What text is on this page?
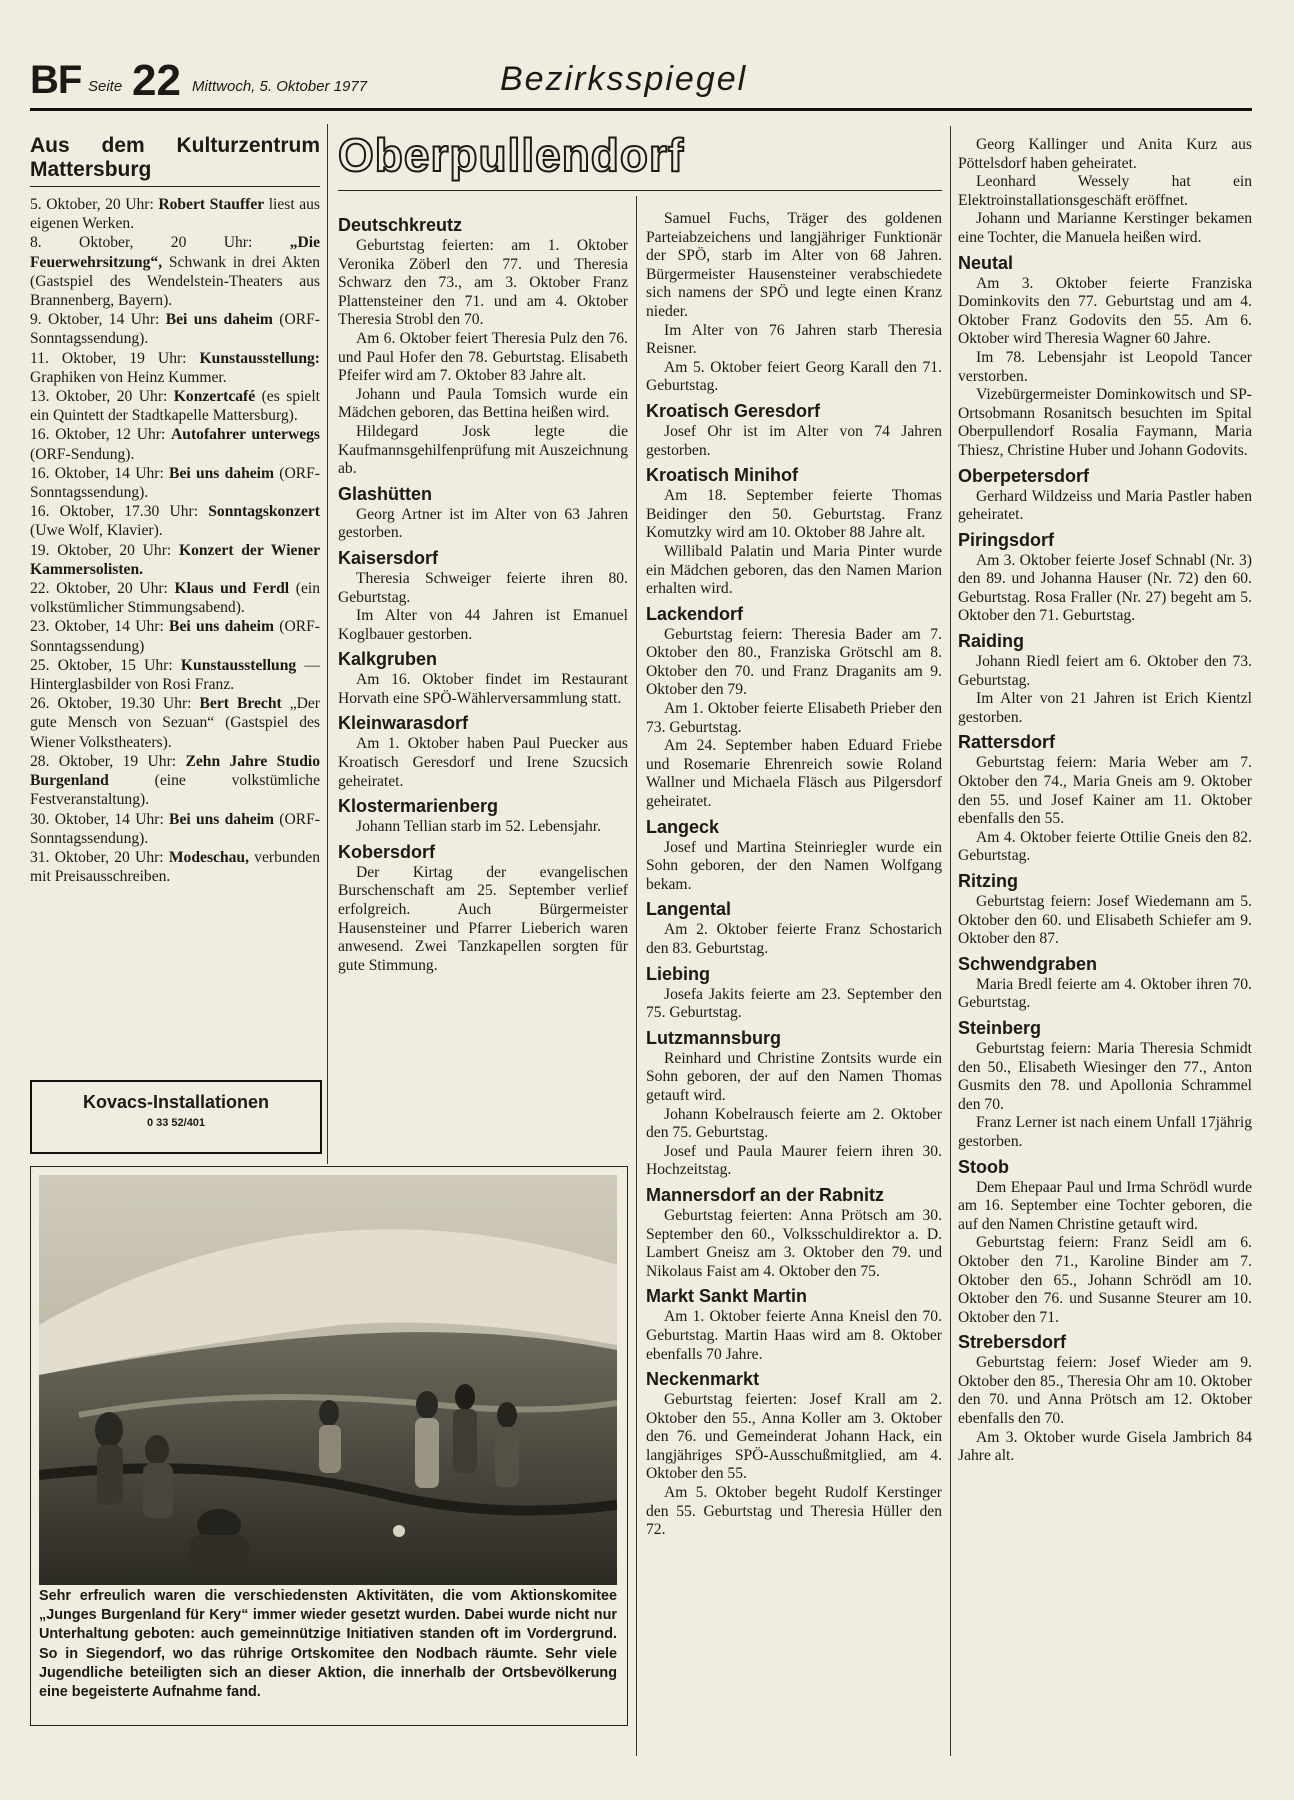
BF Seite 22 Mittwoch, 5. Oktober 1977	Bezirksspiegel
Aus dem Kulturzentrum Mattersburg

5. Oktober, 20 Uhr: Robert Stauffer liest aus eigenen Werken.

8. Oktober, 20 Uhr: „Die Feuerwehrsitzung“, Schwank in drei Akten (Gastspiel des Wendelstein-Theaters aus Brannenberg, Bayern).

9. Oktober, 14 Uhr: Bei uns daheim (ORF-Sonntagssendung).

11. Oktober, 19 Uhr: Kunstausstellung: Graphiken von Heinz Kummer.

13. Oktober, 20 Uhr: Konzertcafé (es spielt ein Quintett der Stadtkapelle Mattersburg).

16. Oktober, 12 Uhr: Autofahrer unterwegs (ORF-Sendung).

16. Oktober, 14 Uhr: Bei uns daheim (ORF-Sonntagssendung).

16. Oktober, 17.30 Uhr: Sonntagskonzert (Uwe Wolf, Klavier).

19. Oktober, 20 Uhr: Konzert der Wiener Kammersolisten.

22. Oktober, 20 Uhr: Klaus und Ferdl (ein volkstümlicher Stimmungsabend).

23. Oktober, 14 Uhr: Bei uns daheim (ORF-Sonntagssendung)

25. Oktober, 15 Uhr: Kunstausstellung — Hinterglasbilder von Rosi Franz.

26. Oktober, 19.30 Uhr: Bert Brecht „Der gute Mensch von Sezuan“ (Gastspiel des Wiener Volkstheaters).

28. Oktober, 19 Uhr: Zehn Jahre Studio Burgenland (eine volkstümliche Festveranstaltung).

30. Oktober, 14 Uhr: Bei uns daheim (ORF-Sonntagssendung).

31. Oktober, 20 Uhr: Modeschau, verbunden mit Preisausschreiben.

Kovacs-Installationen
0 33 52/401
Oberpullendorf
Deutschkreutz

Geburtstag feierten: am 1. Oktober Veronika Zöberl den 77. und Theresia Schwarz den 73., am 3. Oktober Franz Plattensteiner den 71. und am 4. Oktober Theresia Strobl den 70.

Am 6. Oktober feiert Theresia Pulz den 76. und Paul Hofer den 78. Geburtstag. Elisabeth Pfeifer wird am 7. Oktober 83 Jahre alt.

Johann und Paula Tomsich wurde ein Mädchen geboren, das Bettina heißen wird.

Hildegard Josk legte die Kaufmannsgehilfenprüfung mit Auszeichnung ab.

Glashütten

Georg Artner ist im Alter von 63 Jahren gestorben.

Kaisersdorf

Theresia Schweiger feierte ihren 80. Geburtstag.

Im Alter von 44 Jahren ist Emanuel Koglbauer gestorben.

Kalkgruben

Am 16. Oktober findet im Restaurant Horvath eine SPÖ-Wählerversammlung statt.

Kleinwarasdorf

Am 1. Oktober haben Paul Puecker aus Kroatisch Geresdorf und Irene Szucsich geheiratet.

Klostermarienberg

Johann Tellian starb im 52. Lebensjahr.

Kobersdorf

Der Kirtag der evangelischen Burschenschaft am 25. September verlief erfolgreich. Auch Bürgermeister Hausensteiner und Pfarrer Lieberich waren anwesend. Zwei Tanzkapellen sorgten für gute Stimmung.

Samuel Fuchs, Träger des goldenen Parteiabzeichens und langjähriger Funktionär der SPÖ, starb im Alter von 68 Jahren. Bürgermeister Hausensteiner verabschiedete sich namens der SPÖ und legte einen Kranz nieder.

Im Alter von 76 Jahren starb Theresia Reisner.

Am 5. Oktober feiert Georg Karall den 71. Geburtstag.

Kroatisch Geresdorf

Josef Ohr ist im Alter von 74 Jahren gestorben.

Kroatisch Minihof

Am 18. September feierte Thomas Beidinger den 50. Geburtstag. Franz Komutzky wird am 10. Oktober 88 Jahre alt.

Willibald Palatin und Maria Pinter wurde ein Mädchen geboren, das den Namen Marion erhalten wird.

Lackendorf

Geburtstag feiern: Theresia Bader am 7. Oktober den 80., Franziska Grötschl am 8. Oktober den 70. und Franz Draganits am 9. Oktober den 79.

Am 1. Oktober feierte Elisabeth Prieber den 73. Geburtstag.

Am 24. September haben Eduard Friebe und Rosemarie Ehrenreich sowie Roland Wallner und Michaela Fläsch aus Pilgersdorf geheiratet.

Langeck

Josef und Martina Steinriegler wurde ein Sohn geboren, der den Namen Wolfgang bekam.

Langental

Am 2. Oktober feierte Franz Schostarich den 83. Geburtstag.

Liebing

Josefa Jakits feierte am 23. September den 75. Geburtstag.

Lutzmannsburg

Reinhard und Christine Zontsits wurde ein Sohn geboren, der auf den Namen Thomas getauft wird.

Johann Kobelrausch feierte am 2. Oktober den 75. Geburtstag.

Josef und Paula Maurer feiern ihren 30. Hochzeitstag.

Mannersdorf an der Rabnitz

Geburtstag feierten: Anna Prötsch am 30. September den 60., Volksschuldirektor a. D. Lambert Gneisz am 3. Oktober den 79. und Nikolaus Faist am 4. Oktober den 75.

Markt Sankt Martin

Am 1. Oktober feierte Anna Kneisl den 70. Geburtstag. Martin Haas wird am 8. Oktober ebenfalls 70 Jahre.

Neckenmarkt

Geburtstag feierten: Josef Krall am 2. Oktober den 55., Anna Koller am 3. Oktober den 76. und Gemeinderat Johann Hack, ein langjähriges SPÖ-Ausschußmitglied, am 4. Oktober den 55.

Am 5. Oktober begeht Rudolf Kerstinger den 55. Geburtstag und Theresia Hüller den 72.

Georg Kallinger und Anita Kurz aus Pöttelsdorf haben geheiratet.

Leonhard Wessely hat ein Elektroinstallationsgeschäft eröffnet.

Johann und Marianne Kerstinger bekamen eine Tochter, die Manuela heißen wird.

Neutal

Am 3. Oktober feierte Franziska Dominkovits den 77. Geburtstag und am 4. Oktober Franz Godovits den 55. Am 6. Oktober wird Theresia Wagner 60 Jahre.

Im 78. Lebensjahr ist Leopold Tancer verstorben.

Vizebürgermeister Dominkowitsch und SP-Ortsobmann Rosanitsch besuchten im Spital Oberpullendorf Rosalia Faymann, Maria Thiesz, Christine Huber und Johann Godovits.

Oberpetersdorf

Gerhard Wildzeiss und Maria Pastler haben geheiratet.

Piringsdorf

Am 3. Oktober feierte Josef Schnabl (Nr. 3) den 89. und Johanna Hauser (Nr. 72) den 60. Geburtstag. Rosa Fraller (Nr. 27) begeht am 5. Oktober den 71. Geburtstag.

Raiding

Johann Riedl feiert am 6. Oktober den 73. Geburtstag.

Im Alter von 21 Jahren ist Erich Kientzl gestorben.

Rattersdorf

Geburtstag feiern: Maria Weber am 7. Oktober den 74., Maria Gneis am 9. Oktober den 55. und Josef Kainer am 11. Oktober ebenfalls den 55.

Am 4. Oktober feierte Ottilie Gneis den 82. Geburtstag.

Ritzing

Geburtstag feiern: Josef Wiedemann am 5. Oktober den 60. und Elisabeth Schiefer am 9. Oktober den 87.

Schwendgraben

Maria Bredl feierte am 4. Oktober ihren 70. Geburtstag.

Steinberg

Geburtstag feiern: Maria Theresia Schmidt den 50., Elisabeth Wiesinger den 77., Anton Gusmits den 78. und Apollonia Schrammel den 70.

Franz Lerner ist nach einem Unfall 17jährig gestorben.

Stoob

Dem Ehepaar Paul und Irma Schrödl wurde am 16. September eine Tochter geboren, die auf den Namen Christine getauft wird.

Geburtstag feiern: Franz Seidl am 6. Oktober den 71., Karoline Binder am 7. Oktober den 65., Johann Schrödl am 10. Oktober den 76. und Susanne Steurer am 10. Oktober den 71.

Strebersdorf

Geburtstag feiern: Josef Wieder am 9. Oktober den 85., Theresia Ohr am 10. Oktober den 70. und Anna Prötsch am 12. Oktober ebenfalls den 70.

Am 3. Oktober wurde Gisela Jambrich 84 Jahre alt.

Sehr erfreulich waren die verschiedensten Aktivitäten, die vom Aktionskomitee „Junges Burgenland für Kery“ immer wieder gesetzt wurden. Dabei wurde nicht nur Unterhaltung geboten: auch gemeinnützige Initiativen standen oft im Vordergrund. So in Siegendorf, wo das rührige Ortskomitee den Nodbach räumte. Sehr viele Jugendliche beteiligten sich an dieser Aktion, die innerhalb der Ortsbevölkerung eine begeisterte Aufnahme fand.
